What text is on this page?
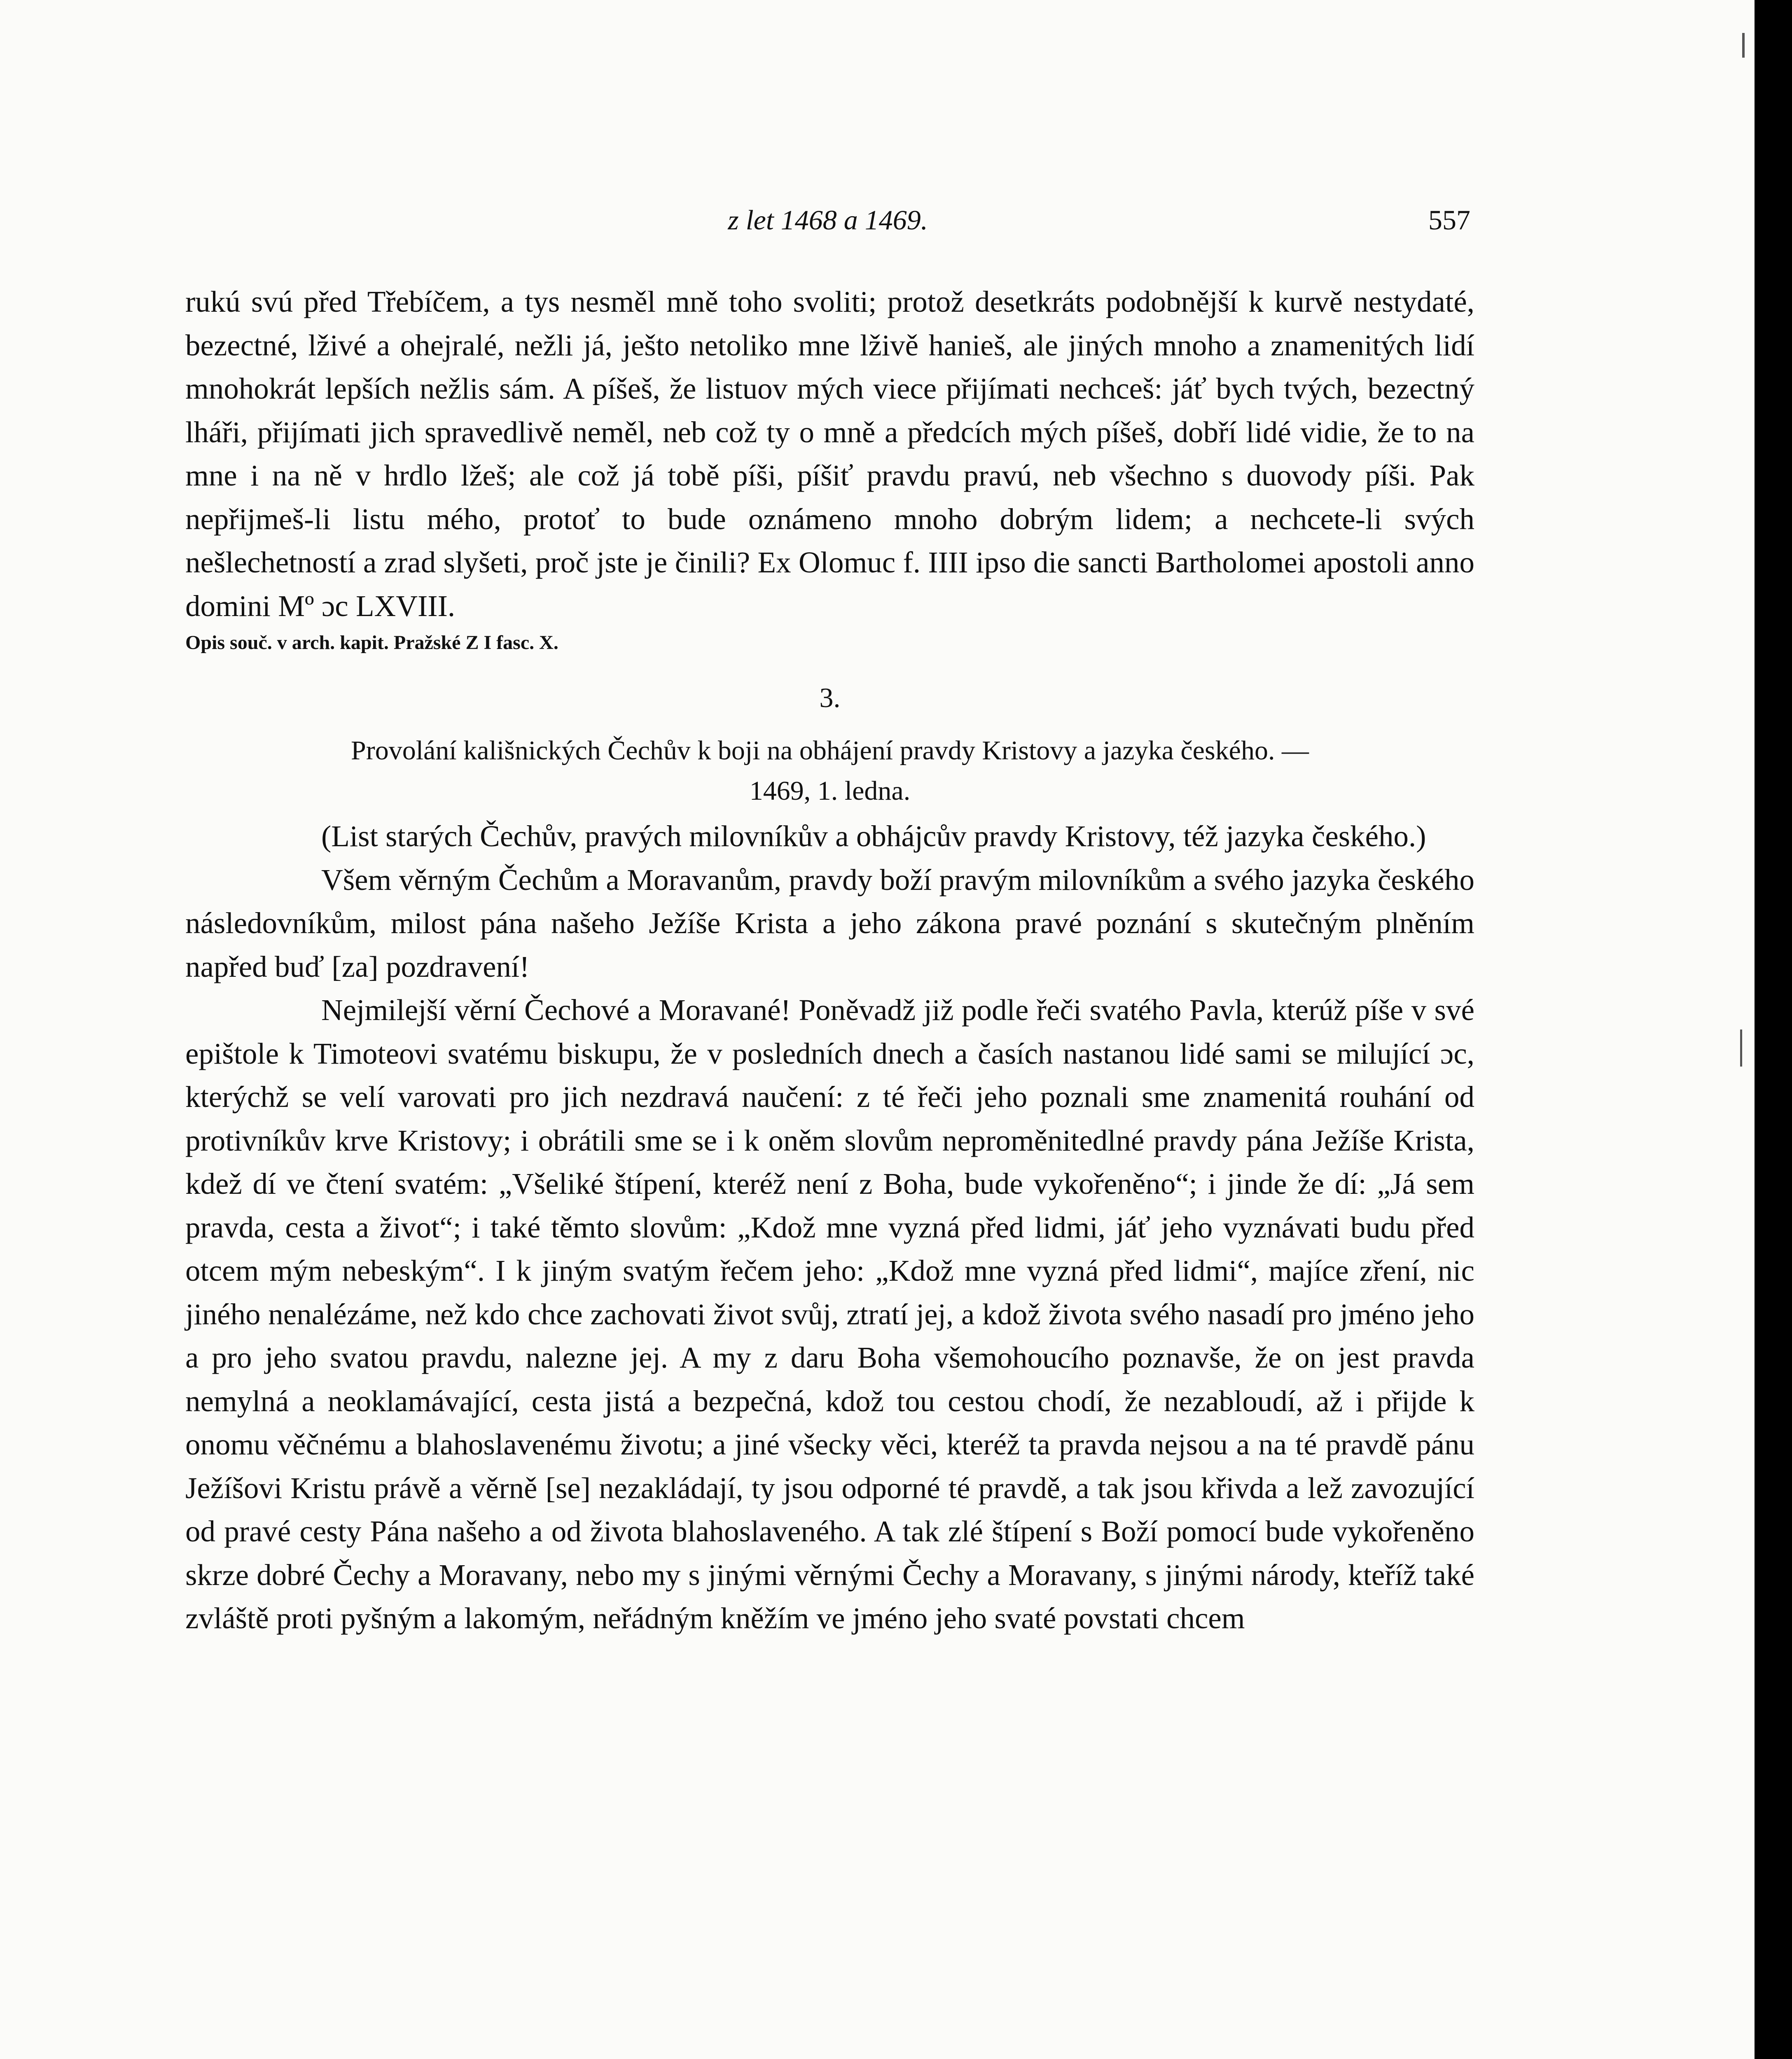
z let 1468 a 1469.	557

rukú svú před Třebíčem, a tys nesměl mně toho svoliti; protož desetkráts podobnější k kurvě nestydaté, bezectné, lživé a ohejralé, nežli já, ješto netoliko mne lživě hanieš, ale jiných mnoho a znamenitých lidí mnohokrát lepších nežlis sám. A píšeš, že listuov mých viece přijímati nechceš: jáť bych tvých, bezectný lháři, přijímati jich spravedlivě neměl, neb což ty o mně a předcích mých píšeš, dobří lidé vidie, že to na mne i na ně v hrdlo lžeš; ale což já tobě píši, píšiť pravdu pravú, neb všechno s duovody píši. Pak nepřijmeš-li listu mého, protoť to bude oznámeno mnoho dobrým lidem; a nechcete-li svých nešlechetností a zrad slyšeti, proč jste je činili? Ex Olomuc f. IIII ipso die sancti Bartholomei apostoli anno domini Mº ɔc LXVIII.

Opis souč. v arch. kapit. Pražské Z I fasc. X.

3.

Provolání kališnických Čechův k boji na obhájení pravdy Kristovy a jazyka českého. —
1469, 1. ledna.

(List starých Čechův, pravých milovníkův a obhájcův pravdy Kristovy, též jazyka českého.)

Všem věrným Čechům a Moravanům, pravdy boží pravým milovníkům a svého jazyka českého následovníkům, milost pána našeho Ježíše Krista a jeho zákona pravé poznání s skutečným plněním napřed buď [za] pozdravení!

Nejmilejší věrní Čechové a Moravané! Poněvadž již podle řeči svatého Pavla, kterúž píše v své epištole k Timoteovi svatému biskupu, že v posledních dnech a časích nastanou lidé sami se milující ɔc, kterýchž se velí varovati pro jich nezdravá naučení: z té řeči jeho poznali sme znamenitá rouhání od protivníkův krve Kristovy; i obrátili sme se i k oněm slovům neproměnitedlné pravdy pána Ježíše Krista, kdež dí ve čtení svatém: „Všeliké štípení, kteréž není z Boha, bude vykořeněno“; i jinde že dí: „Já sem pravda, cesta a život“; i také těmto slovům: „Kdož mne vyzná před lidmi, jáť jeho vyznávati budu před otcem mým nebeským“. I k jiným svatým řečem jeho: „Kdož mne vyzná před lidmi“, majíce zření, nic jiného nenalézáme, než kdo chce zachovati život svůj, ztratí jej, a kdož života svého nasadí pro jméno jeho a pro jeho svatou pravdu, nalezne jej. A my z daru Boha všemohoucího poznavše, že on jest pravda nemylná a neoklamávající, cesta jistá a bezpečná, kdož tou cestou chodí, že nezabloudí, až i přijde k onomu věčnému a blahoslavenému životu; a jiné všecky věci, kteréž ta pravda nejsou a na té pravdě pánu Ježíšovi Kristu právě a věrně [se] nezakládají, ty jsou odporné té pravdě, a tak jsou křivda a lež zavozující od pravé cesty Pána našeho a od života blahoslaveného. A tak zlé štípení s Boží pomocí bude vykořeněno skrze dobré Čechy a Moravany, nebo my s jinými věrnými Čechy a Moravany, s jinými národy, kteříž také zvláště proti pyšným a lakomým, neřádným kněžím ve jméno jeho svaté povstati chcem
